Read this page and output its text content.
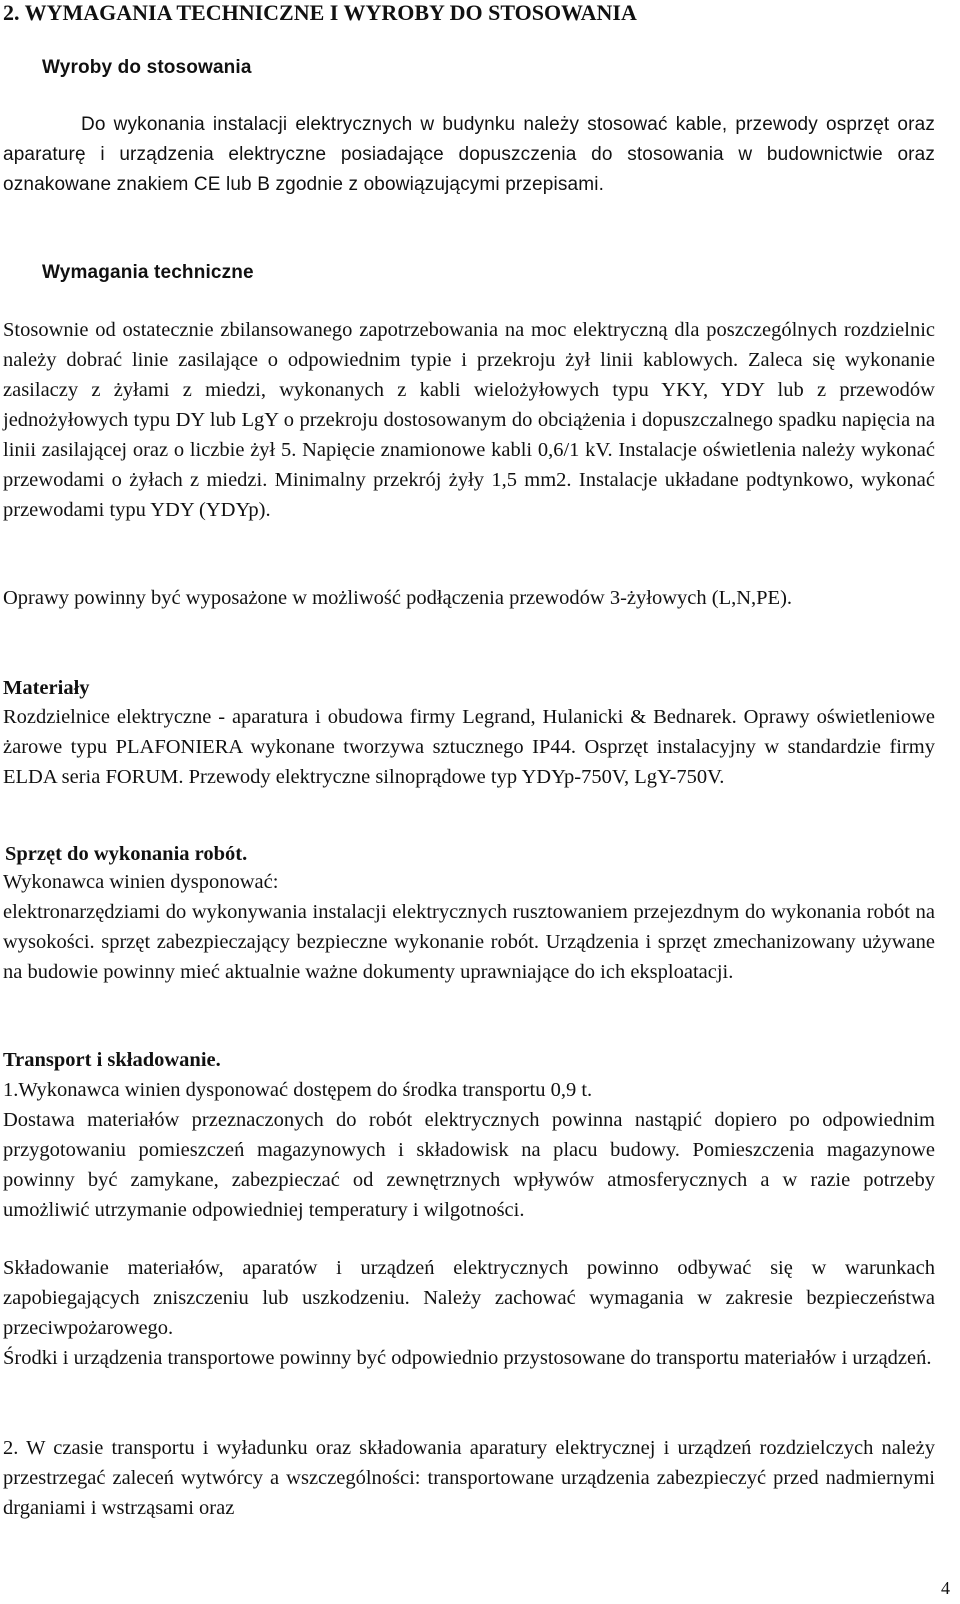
2. WYMAGANIA TECHNICZNE I WYROBY DO STOSOWANIA
Wyroby do stosowania

Do wykonania instalacji elektrycznych w budynku należy stosować kable, przewody osprzęt oraz aparaturę i urządzenia elektryczne posiadające dopuszczenia do stosowania w budownictwie oraz oznakowane znakiem CE lub B zgodnie z obowiązującymi przepisami.

Wymagania techniczne

Stosownie od ostatecznie zbilansowanego zapotrzebowania na moc elektryczną dla poszczególnych rozdzielnic należy dobrać linie zasilające o odpowiednim typie i przekroju żył linii kablowych. Zaleca się wykonanie zasilaczy z żyłami z miedzi, wykonanych z kabli wielożyłowych typu YKY, YDY lub z przewodów jednożyłowych typu DY lub LgY o przekroju dostosowanym do obciążenia i dopuszczalnego spadku napięcia na linii zasilającej oraz o liczbie żył 5. Napięcie znamionowe kabli 0,6/1 kV. Instalacje oświetlenia należy wykonać przewodami o żyłach z miedzi. Minimalny przekrój żyły 1,5 mm2. Instalacje układane podtynkowo, wykonać przewodami typu YDY (YDYp).

Oprawy powinny być wyposażone w możliwość podłączenia przewodów 3-żyłowych (L,N,PE).

Materiały

Rozdzielnice elektryczne - aparatura i obudowa firmy Legrand, Hulanicki & Bednarek. Oprawy oświetleniowe żarowe typu PLAFONIERA wykonane tworzywa sztucznego IP44. Osprzęt instalacyjny w standardzie firmy ELDA seria FORUM. Przewody elektryczne silnoprądowe typ YDYp-750V, LgY-750V.

Sprzęt do wykonania robót.

Wykonawca winien dysponować:

elektronarzędziami do wykonywania instalacji elektrycznych rusztowaniem przejezdnym do wykonania robót na wysokości. sprzęt zabezpieczający bezpieczne wykonanie robót. Urządzenia i sprzęt zmechanizowany używane na budowie powinny mieć aktualnie ważne dokumenty uprawniające do ich eksploatacji.

Transport i składowanie.

1.Wykonawca winien dysponować dostępem do środka transportu 0,9 t.

Dostawa materiałów przeznaczonych do robót elektrycznych powinna nastąpić dopiero po odpowiednim przygotowaniu pomieszczeń magazynowych i składowisk na placu budowy. Pomieszczenia magazynowe powinny być zamykane, zabezpieczać od zewnętrznych wpływów atmosferycznych a w razie potrzeby umożliwić utrzymanie odpowiedniej temperatury i wilgotności.

Składowanie materiałów, aparatów i urządzeń elektrycznych powinno odbywać się w warunkach zapobiegających zniszczeniu lub uszkodzeniu. Należy zachować wymagania w zakresie bezpieczeństwa przeciwpożarowego.

Środki i urządzenia transportowe powinny być odpowiednio przystosowane do transportu materiałów i urządzeń.

2. W czasie transportu i wyładunku oraz składowania aparatury elektrycznej i urządzeń rozdzielczych należy przestrzegać zaleceń wytwórcy a wszczególności: transportowane urządzenia zabezpieczyć przed nadmiernymi drganiami i wstrząsami oraz

4
